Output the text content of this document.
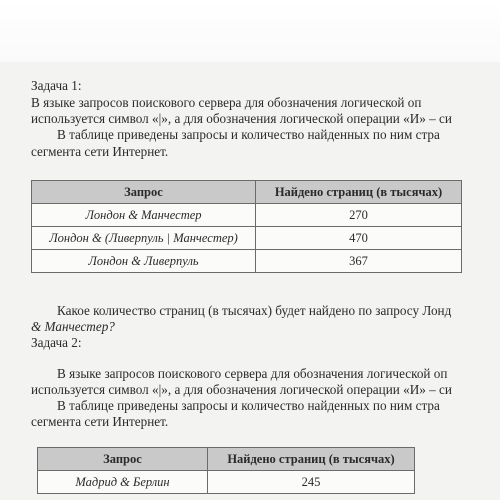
Задача 1:
В языке запросов поискового сервера для обозначения логической оп
используется символ «|», а для обозначения логической операции «И» – си
В таблице приведены запросы и количество найденных по ним стра
сегмента сети Интернет.
Запрос	Найдено страниц (в тысячах)
Лондон & Манчестер	270
Лондон & (Ливерпуль | Манчестер)	470
Лондон & Ливерпуль	367
Какое количество страниц (в тысячах) будет найдено по запросу Лонд
& Манчестер?
Задача 2:
В языке запросов поискового сервера для обозначения логической оп
используется символ «|», а для обозначения логической операции «И» – си
В таблице приведены запросы и количество найденных по ним стра
сегмента сети Интернет.
Запрос	Найдено страниц (в тысячах)
Мадрид & Берлин	245
